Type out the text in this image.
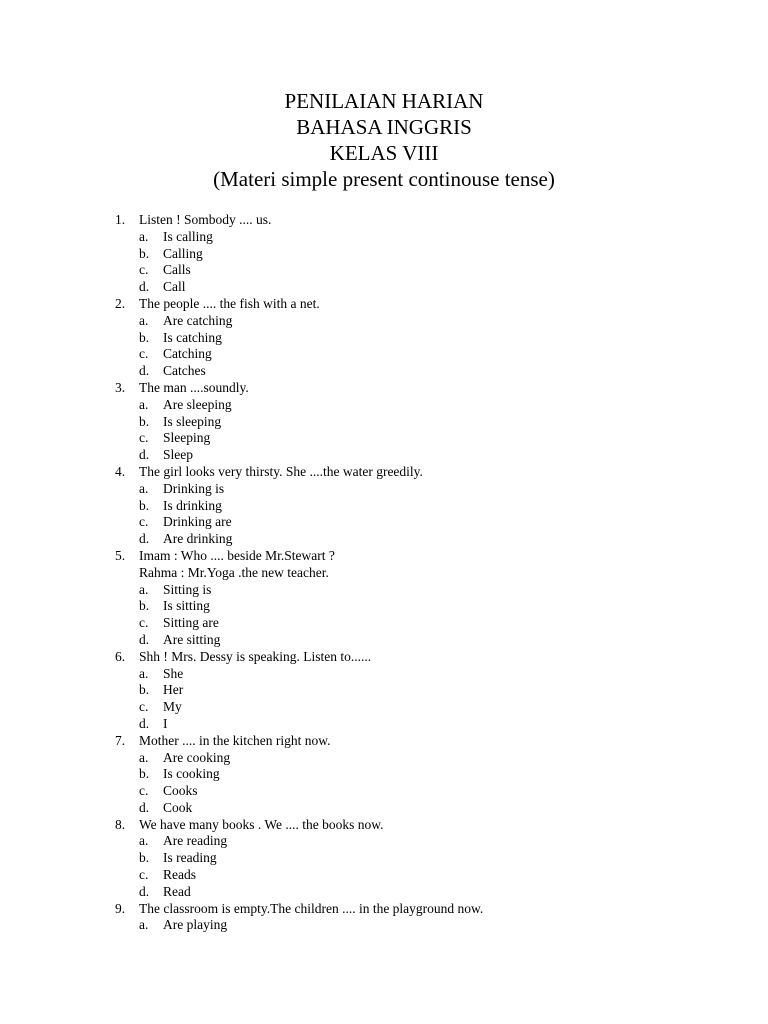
PENILAIAN HARIAN

BAHASA INGGRIS

KELAS VIII

(Materi simple present continouse tense)

1.	Listen ! Sombody .... us.
a. Is calling
b. Calling
c. Calls
d. Call
2.	The people .... the fish with a net.
a. Are catching
b. Is catching
c. Catching
d. Catches
3.	The man ....soundly.
a. Are sleeping
b. Is sleeping
c. Sleeping
d. Sleep
4.	The girl looks very thirsty. She ....the water greedily.
a. Drinking is
b. Is drinking
c. Drinking are
d. Are drinking
5.	Imam : Who .... beside Mr.Stewart ?
Rahma : Mr.Yoga .the new teacher.
a. Sitting is
b. Is sitting
c. Sitting are
d. Are sitting
6.	Shh ! Mrs. Dessy is speaking. Listen to......
a. She
b. Her
c. My
d. I
7.	Mother .... in the kitchen right now.
a. Are cooking
b. Is cooking
c. Cooks
d. Cook
8.	We have many books . We .... the books now.
a. Are reading
b. Is reading
c. Reads
d. Read
9.	The classroom is empty.The children .... in the playground now.
a. Are playing
